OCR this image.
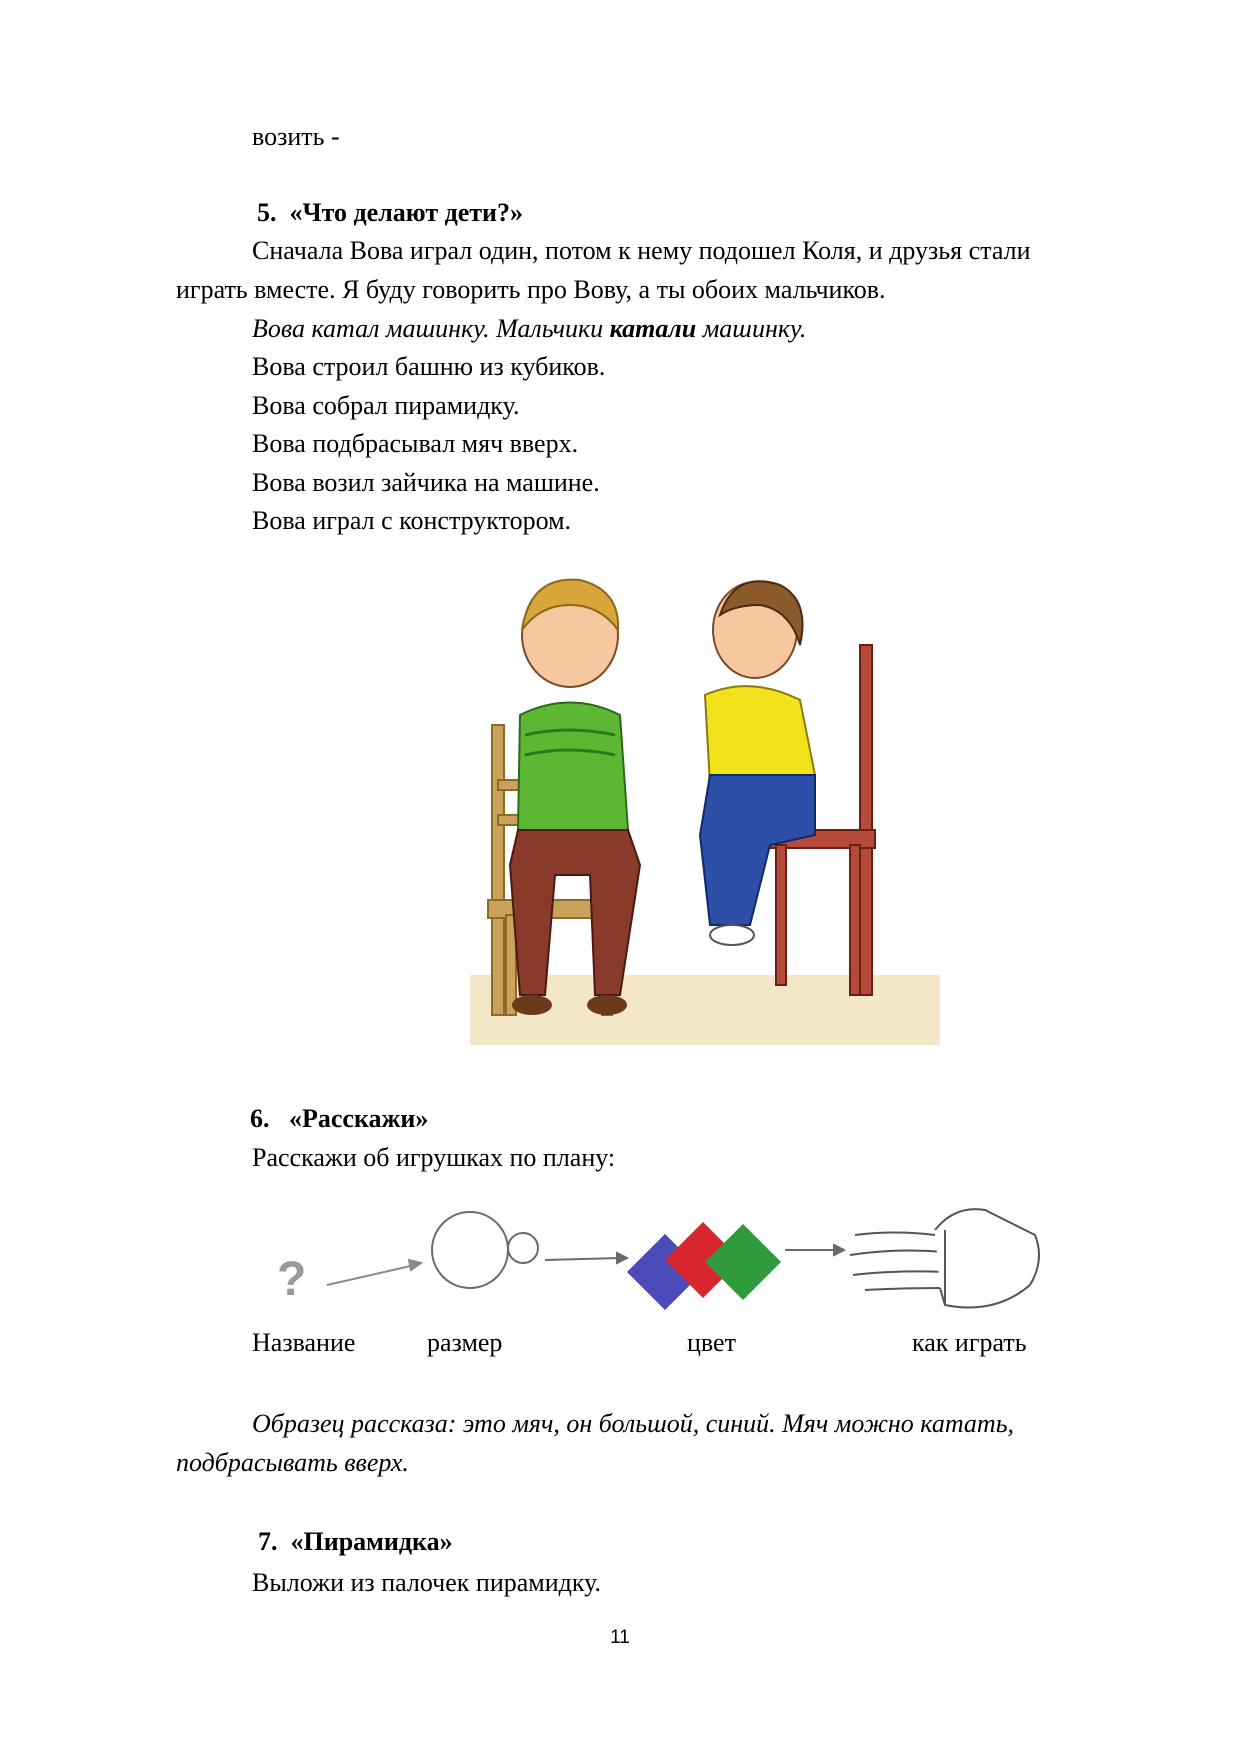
возить -
5. «Что делают дети?»
Сначала Вова играл один, потом к нему подошел Коля, и друзья стали
играть вместе. Я буду говорить про Вову, а ты обоих мальчиков.
Вова катал машинку. Мальчики катали машинку.
Вова строил башню из кубиков.
Вова собрал пирамидку.
Вова подбрасывал мяч вверх.
Вова возил зайчика на машине.
Вова играл с конструктором.
6. «Расскажи»
Расскажи об игрушках по плану:
?
Название	размер	цвет	как играть
Образец рассказа: это мяч, он большой, синий. Мяч можно катать,
подбрасывать вверх.
7. «Пирамидка»
Выложи из палочек пирамидку.
11
